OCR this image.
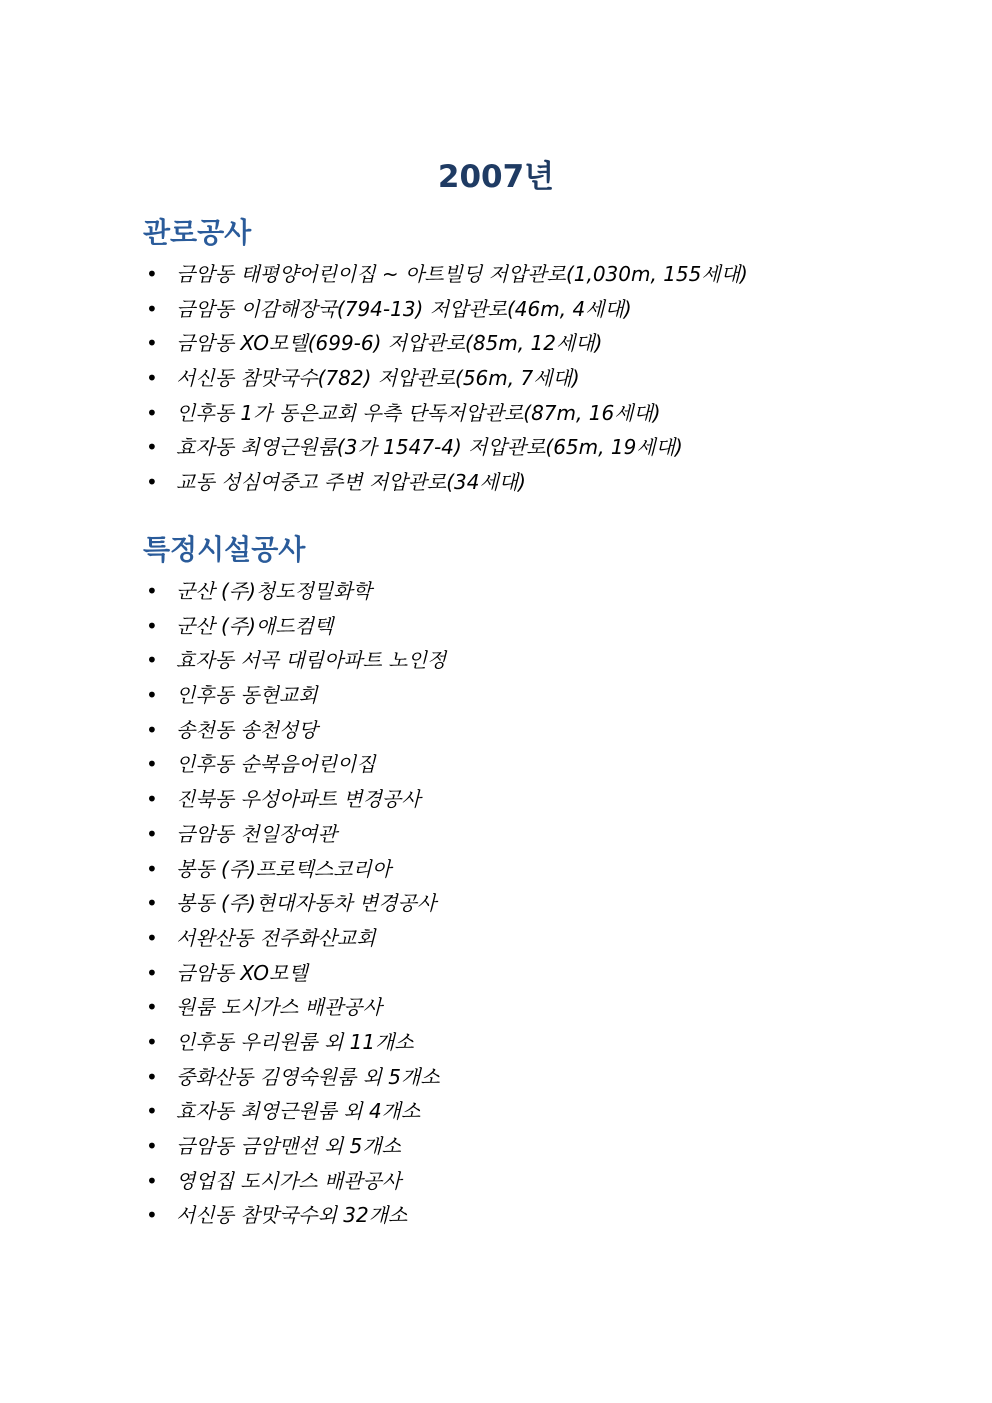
2007년
관로공사
• 금암동 태평양어린이집 ~ 아트빌딩 저압관로(1,030m, 155세대)
• 금암동 이감해장국(794-13) 저압관로(46m, 4세대)
• 금암동 XO모텔(699-6) 저압관로(85m, 12세대)
• 서신동 참맛국수(782) 저압관로(56m, 7세대)
• 인후동 1가 동은교회 우측 단독저압관로(87m, 16세대)
• 효자동 최영근원룸(3가 1547-4) 저압관로(65m, 19세대)
• 교동 성심여중고 주변 저압관로(34세대)
특정시설공사
• 군산 (주)청도정밀화학
• 군산 (주)애드컴텍
• 효자동 서곡 대림아파트 노인정
• 인후동 동현교회
• 송천동 송천성당
• 인후동 순복음어린이집
• 진북동 우성아파트 변경공사
• 금암동 천일장여관
• 봉동 (주)프로텍스코리아
• 봉동 (주)현대자동차 변경공사
• 서완산동 전주화산교회
• 금암동 XO모텔
• 원룸 도시가스 배관공사
• 인후동 우리원룸 외 11개소
• 중화산동 김영숙원룸 외 5개소
• 효자동 최영근원룸 외 4개소
• 금암동 금암맨션 외 5개소
• 영업집 도시가스 배관공사
• 서신동 참맛국수외 32개소
